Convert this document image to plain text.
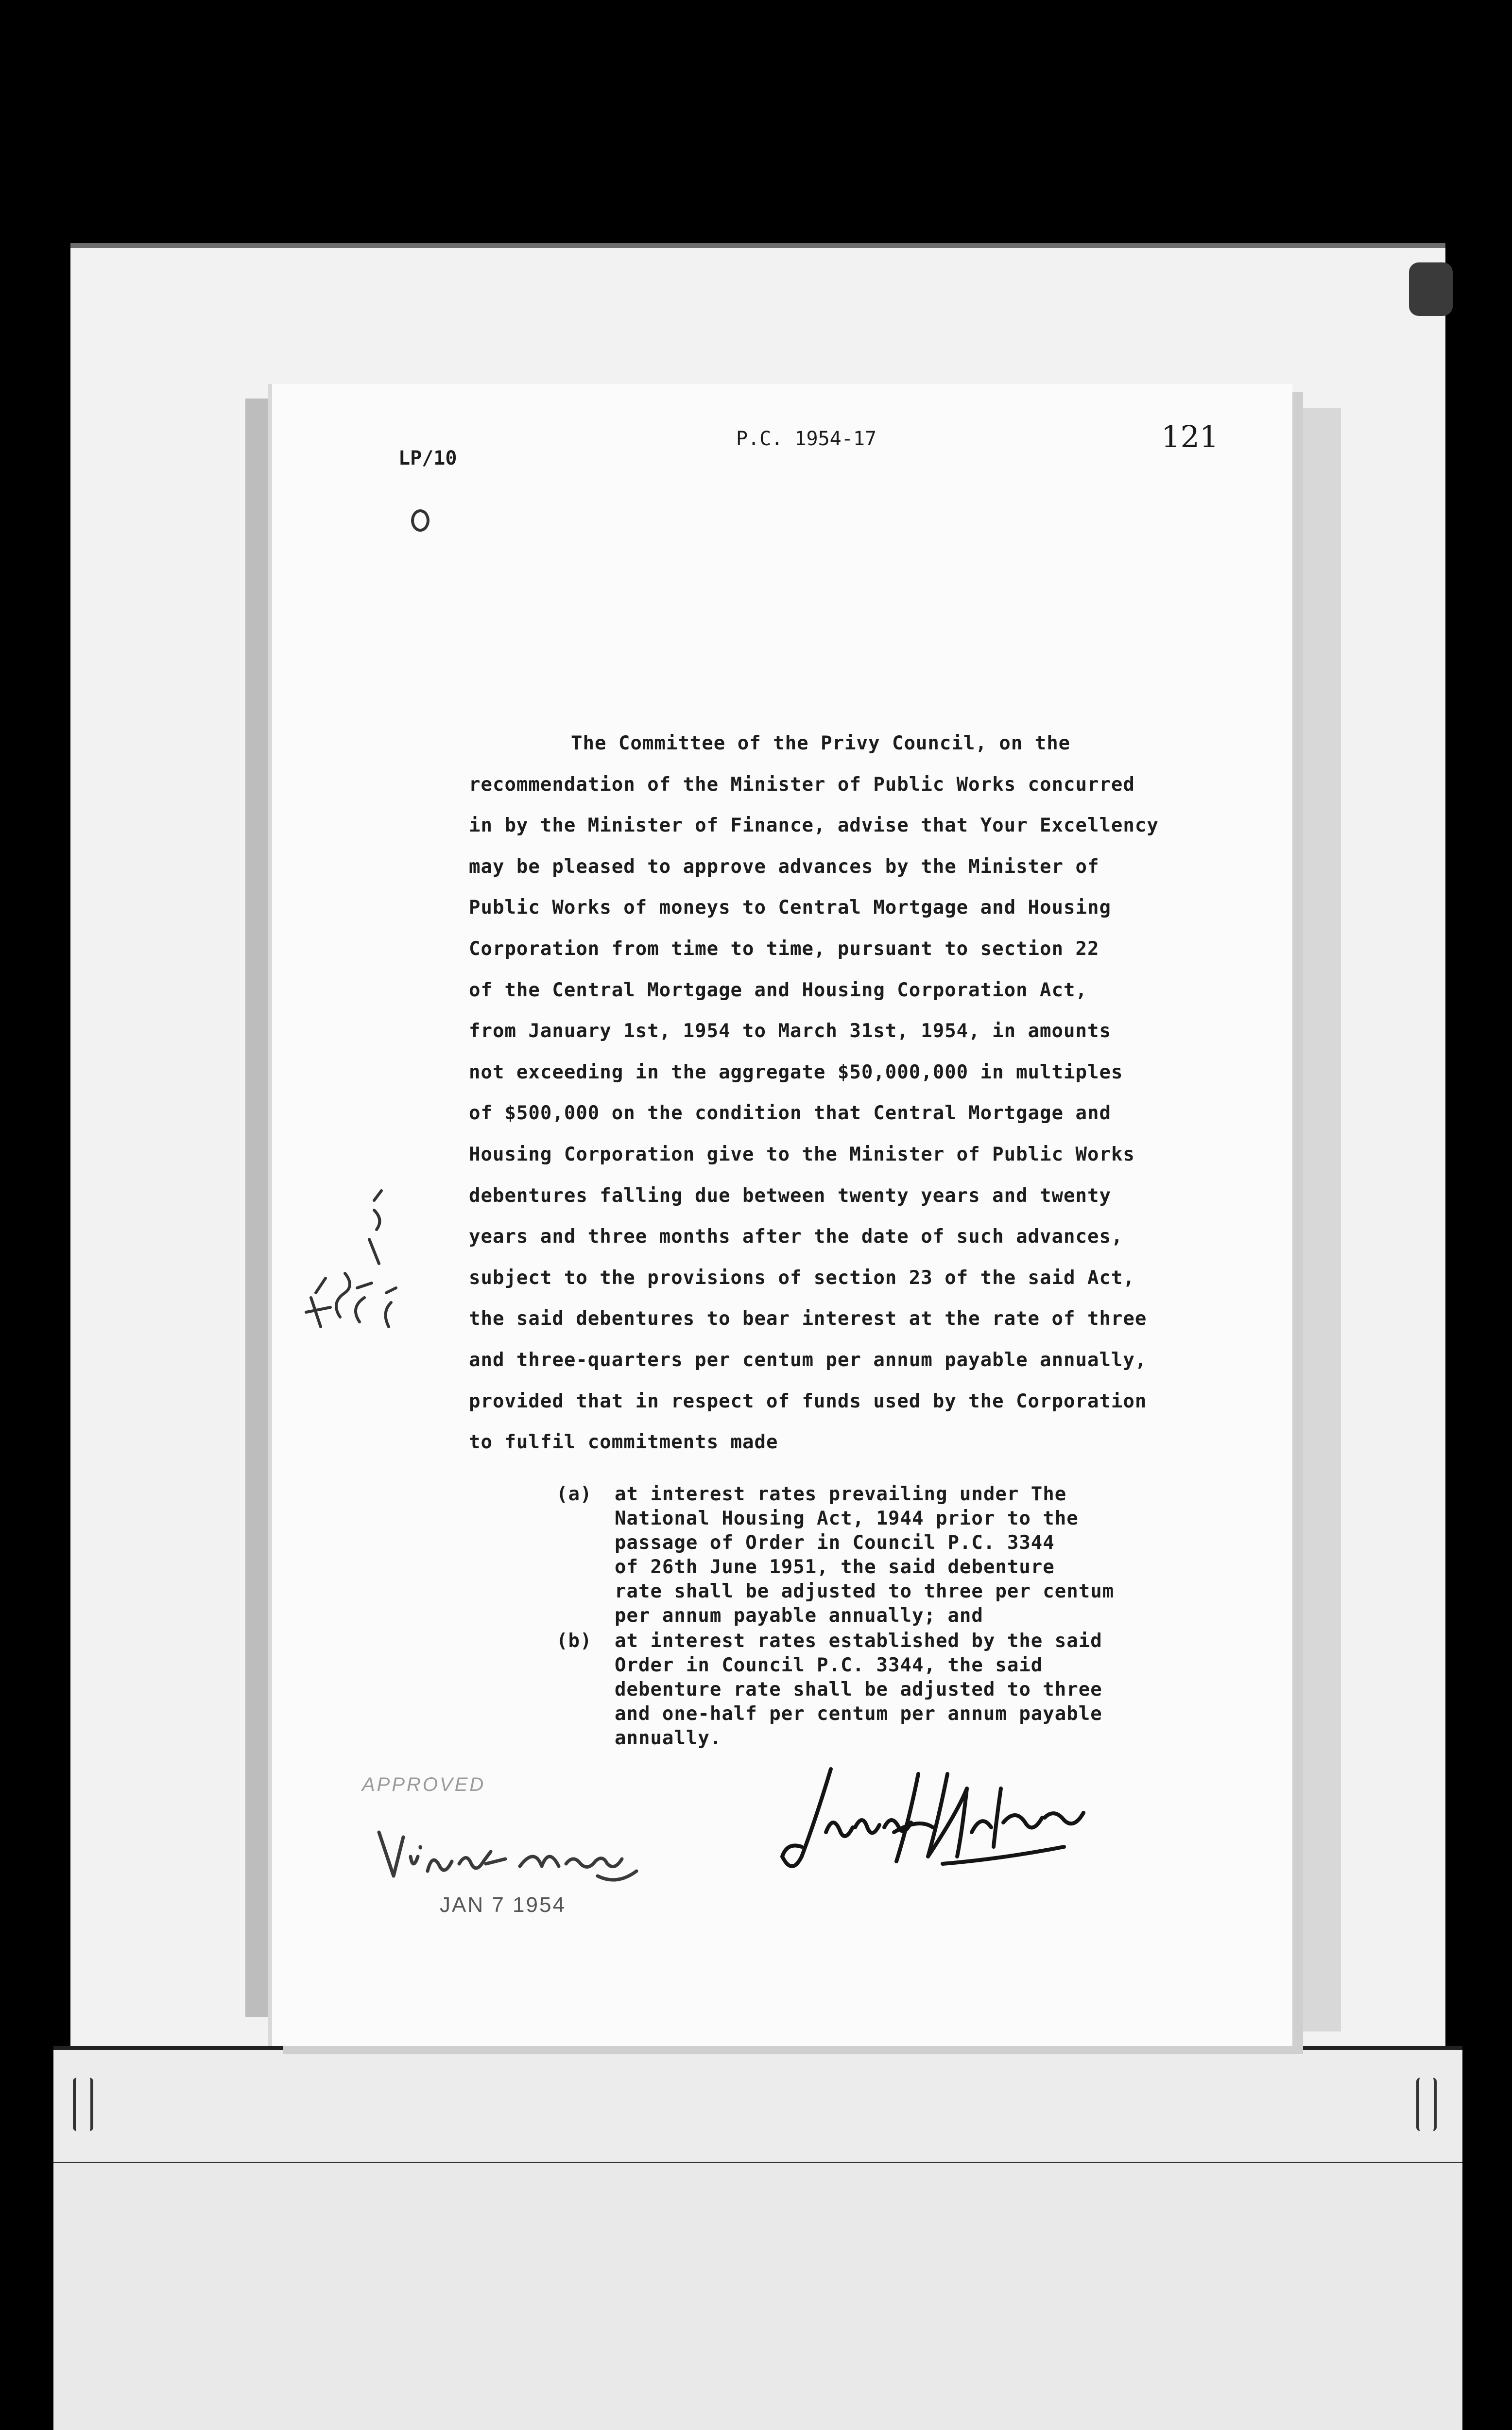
LP/10
P.C. 1954-17	121
The Committee of the Privy Council, on the
recommendation of the Minister of Public Works concurred
in by the Minister of Finance, advise that Your Excellency
may be pleased to approve advances by the Minister of
Public Works of moneys to Central Mortgage and Housing
Corporation from time to time, pursuant to section 22
of the Central Mortgage and Housing Corporation Act,
from January 1st, 1954 to March 31st, 1954, in amounts
not exceeding in the aggregate $50,000,000 in multiples
of $500,000 on the condition that Central Mortgage and
Housing Corporation give to the Minister of Public Works
debentures falling due between twenty years and twenty
years and three months after the date of such advances,
subject to the provisions of section 23 of the said Act,
the said debentures to bear interest at the rate of three
and three-quarters per centum per annum payable annually,
provided that in respect of funds used by the Corporation
to fulfil commitments made
(a) at interest rates prevailing under The
National Housing Act, 1944 prior to the
passage of Order in Council P.C. 3344
of 26th June 1951, the said debenture
rate shall be adjusted to three per centum
per annum payable annually; and
(b) at interest rates established by the said
Order in Council P.C. 3344, the said
debenture rate shall be adjusted to three
and one-half per centum per annum payable
annually.
APPROVED
JAN 7 1954
